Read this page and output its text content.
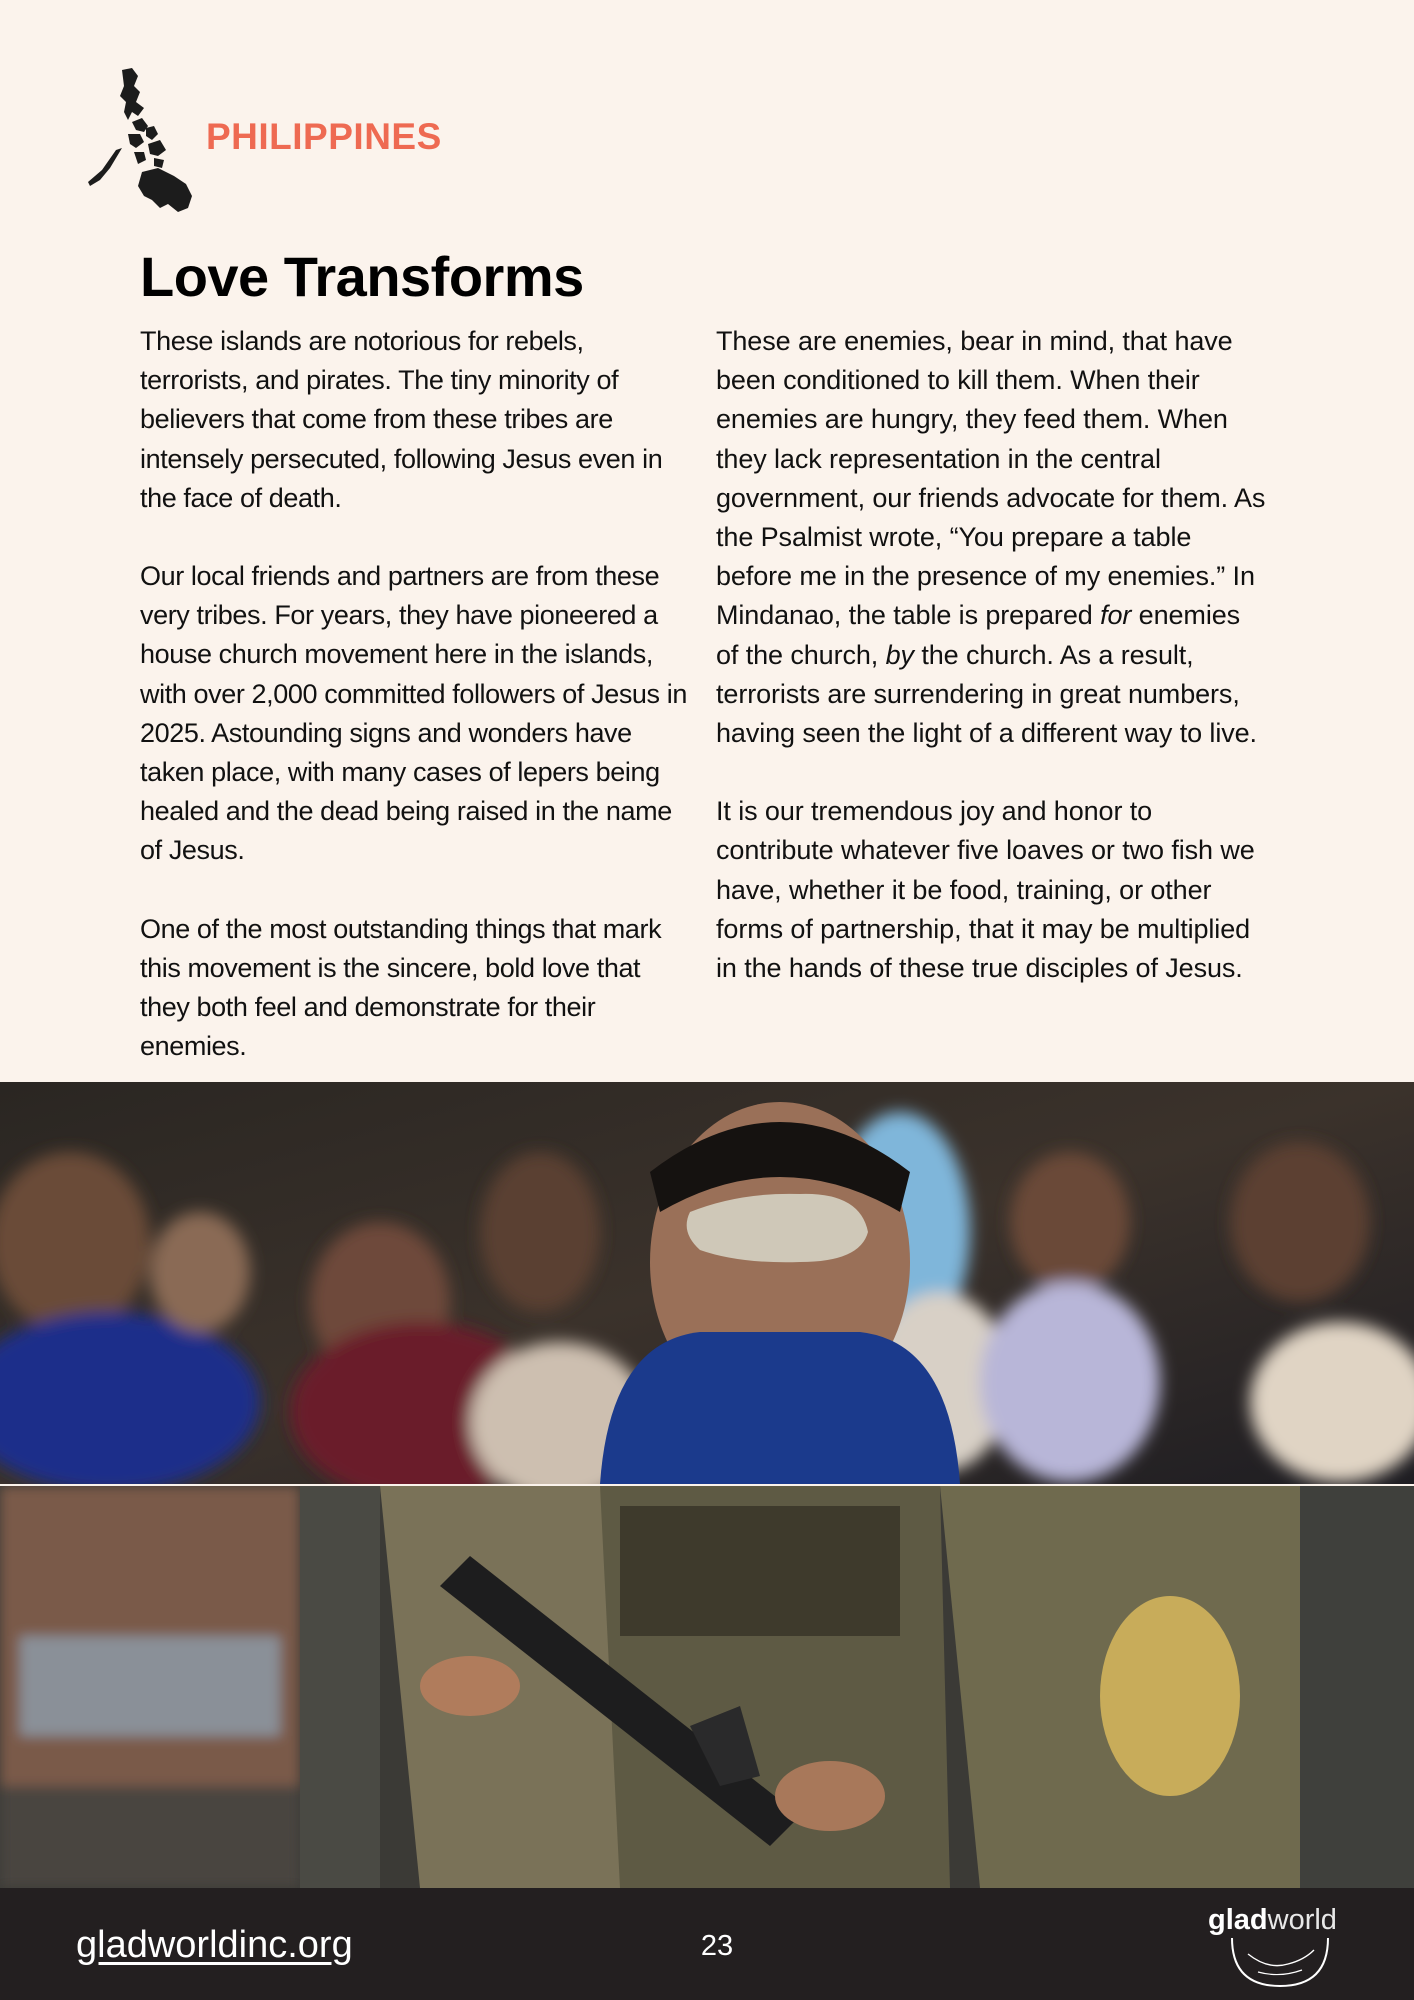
PHILIPPINES
Love Transforms

These islands are notorious for rebels, terrorists, and pirates. The tiny minority of believers that come from these tribes are intensely persecuted, following Jesus even in the face of death.

Our local friends and partners are from these very tribes. For years, they have pioneered a house church movement here in the islands, with over 2,000 committed followers of Jesus in 2025. Astounding signs and wonders have taken place, with many cases of lepers being healed and the dead being raised in the name of Jesus.

One of the most outstanding things that mark this movement is the sincere, bold love that they both feel and demonstrate for their enemies.

These are enemies, bear in mind, that have been conditioned to kill them. When their enemies are hungry, they feed them. When they lack representation in the central government, our friends advocate for them. As the Psalmist wrote, “You prepare a table before me in the presence of my enemies.” In Mindanao, the table is prepared for enemies of the church, by the church. As a result, terrorists are surrendering in great numbers, having seen the light of a different way to live.

It is our tremendous joy and honor to contribute whatever five loaves or two fish we have, whether it be food, training, or other forms of partnership, that it may be multiplied in the hands of these true disciples of Jesus.

gladworldinc.org	23
gladworld
